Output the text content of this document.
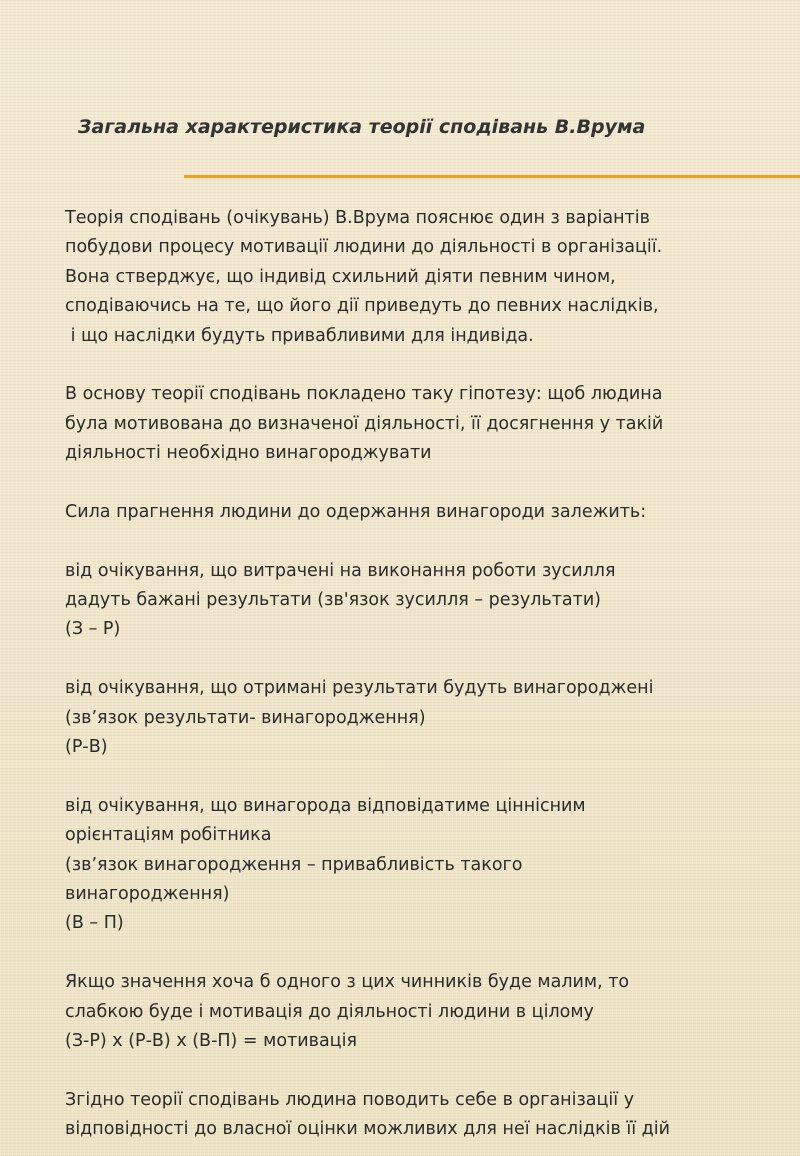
Загальна характеристика теорії сподівань В.Врума
Теорія сподівань (очікувань) В.Врума пояснює один з варіантів
побудови процесу мотивації людини до діяльності в організації.
Вона стверджує, що індивід схильний діяти певним чином,
сподіваючись на те, що його дії приведуть до певних наслідків,
і що наслідки будуть привабливими для індивіда.
В основу теорії сподівань покладено таку гіпотезу: щоб людина
була мотивована до визначеної діяльності, її досягнення у такій
діяльності необхідно винагороджувати
Сила прагнення людини до одержання винагороди залежить:
від очікування, що витрачені на виконання роботи зусилля
дадуть бажані результати (зв'язок зусилля – результати)
(З – Р)
від очікування, що отримані результати будуть винагороджені
(зв’язок результати- винагородження)
(Р-В)
від очікування, що винагорода відповідатиме ціннісним
орієнтаціям робітника
(зв’язок винагородження – привабливість такого
винагородження)
(В – П)
Якщо значення хоча б одного з цих чинників буде малим, то
слабкою буде і мотивація до діяльності людини в цілому
(З-Р) х (Р-В) х (В-П) = мотивація
Згідно теорії сподівань людина поводить себе в організації у
відповідності до власної оцінки можливих для неї наслідків її дій
